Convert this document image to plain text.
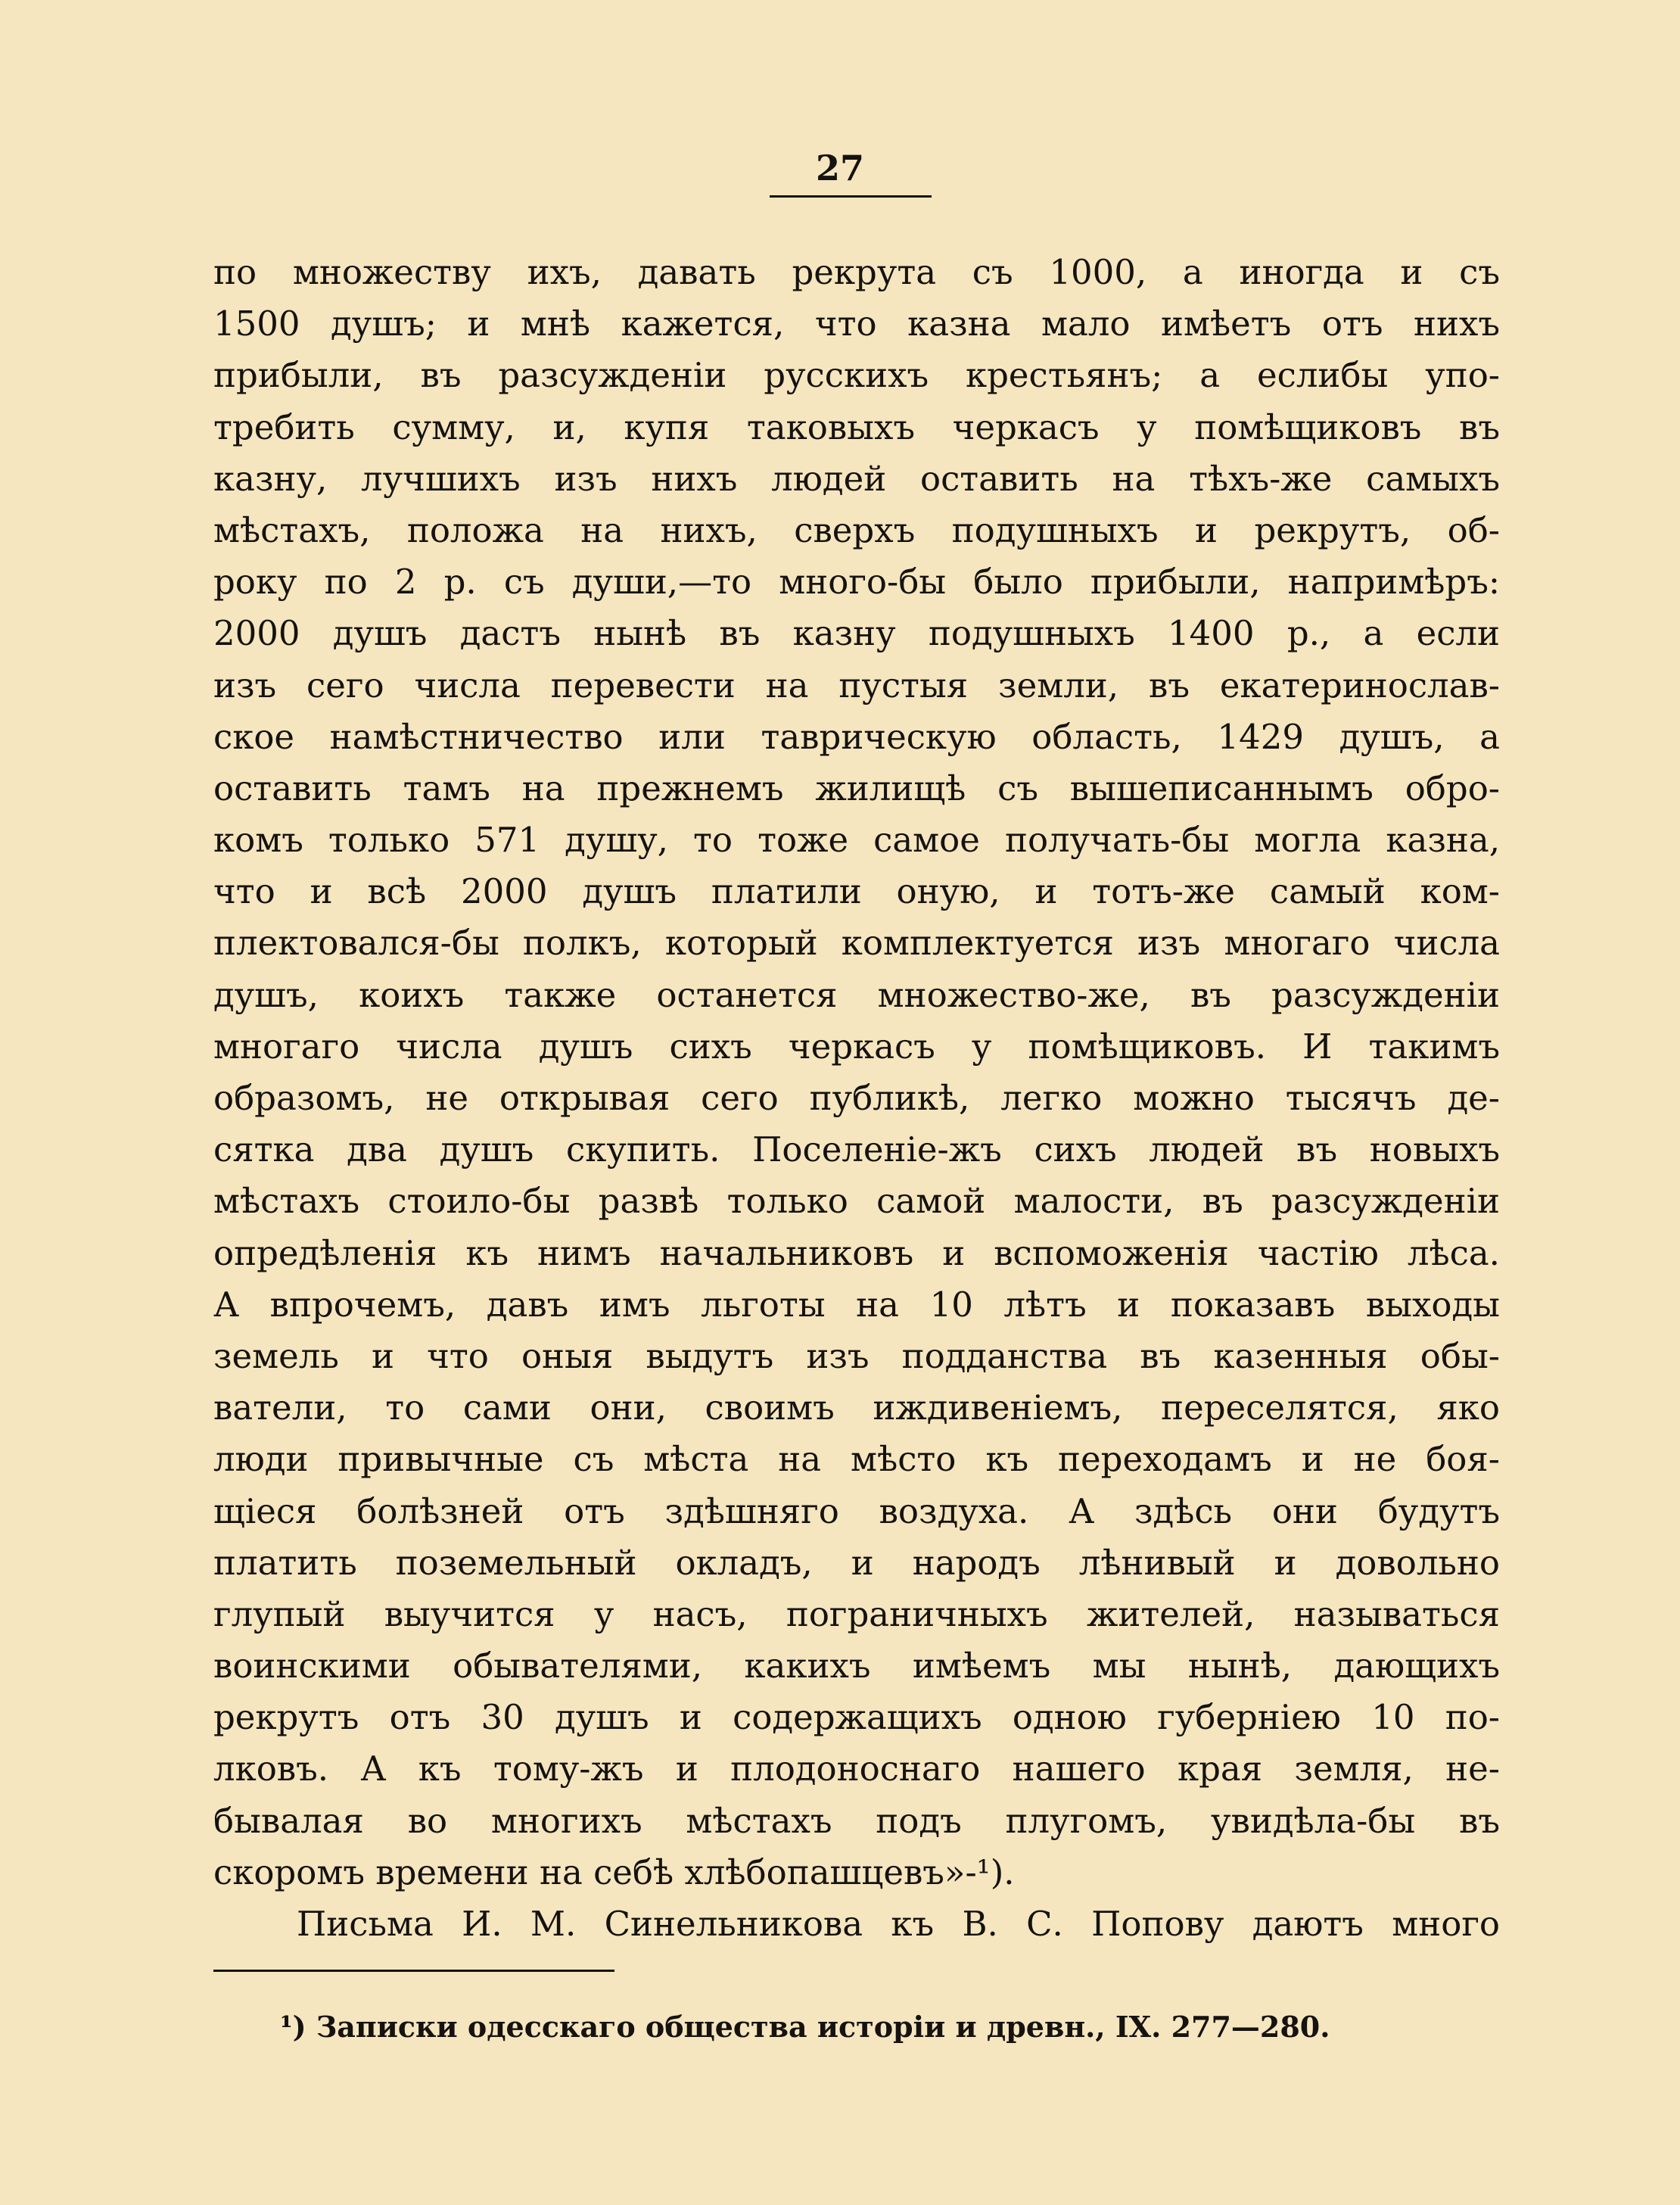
27
по множеству ихъ, давать рекрута съ 1000, а иногда и съ
1500 душъ; и мнѣ кажется, что казна мало имѣетъ отъ нихъ
прибыли, въ разсужденіи русскихъ крестьянъ; а еслибы упо-
требить сумму, и, купя таковыхъ черкасъ у помѣщиковъ въ
казну, лучшихъ изъ нихъ людей оставить на тѣхъ-же самыхъ
мѣстахъ, положа на нихъ, сверхъ подушныхъ и рекрутъ, об-
року по 2 р. съ души,—то много-бы было прибыли, напримѣръ:
2000 душъ дастъ нынѣ въ казну подушныхъ 1400 р., а если
изъ сего числа перевести на пустыя земли, въ екатеринослав-
ское намѣстничество или таврическую область, 1429 душъ, а
оставить тамъ на прежнемъ жилищѣ съ вышеписаннымъ обро-
комъ только 571 душу, то тоже самое получать-бы могла казна,
что и всѣ 2000 душъ платили оную, и тотъ-же самый ком-
плектовался-бы полкъ, который комплектуется изъ многаго числа
душъ, коихъ также останется множество-же, въ разсужденіи
многаго числа душъ сихъ черкасъ у помѣщиковъ. И такимъ
образомъ, не открывая сего публикѣ, легко можно тысячъ де-
сятка два душъ скупить. Поселеніе-жъ сихъ людей въ новыхъ
мѣстахъ стоило-бы развѣ только самой малости, въ разсужденіи
опредѣленія къ нимъ начальниковъ и вспоможенія частію лѣса.
А впрочемъ, давъ имъ льготы на 10 лѣтъ и показавъ выходы
земель и что оныя выдутъ изъ подданства въ казенныя обы-
ватели, то сами они, своимъ иждивеніемъ, переселятся, яко
люди привычные съ мѣста на мѣсто къ переходамъ и не боя-
щіеся болѣзней отъ здѣшняго воздуха. А здѣсь они будутъ
платить поземельный окладъ, и народъ лѣнивый и довольно
глупый выучится у насъ, пограничныхъ жителей, называться
воинскими обывателями, какихъ имѣемъ мы нынѣ, дающихъ
рекрутъ отъ 30 душъ и содержащихъ одною губерніею 10 по-
лковъ. А къ тому-жъ и плодоноснаго нашего края земля, не-
бывалая во многихъ мѣстахъ подъ плугомъ, увидѣла-бы въ
скоромъ времени на себѣ хлѣбопашцевъ»-¹).
Письма И. М. Синельникова къ В. С. Попову даютъ много
¹) Записки одесскаго общества исторіи и древн., IX. 277—280.
